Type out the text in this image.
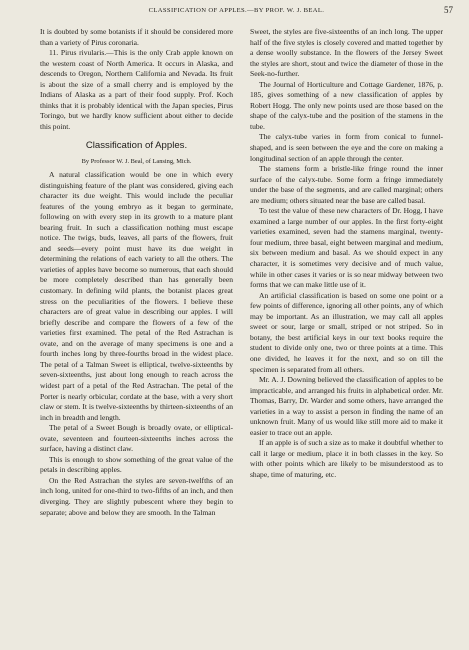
CLASSIFICATION OF APPLES.—BY PROF. W. J. BEAL.	57

It is doubted by some botanists if it should be considered more than a variety of Pirus coronaria.

11. Pirus rivularis.—This is the only Crab apple known on the western coast of North America. It occurs in Alaska, and descends to Oregon, Northern California and Nevada. Its fruit is about the size of a small cherry and is employed by the Indians of Alaska as a part of their food supply. Prof. Koch thinks that it is probably identical with the Japan species, Pirus Toringo, but we hardly know sufficient about either to decide this point.

Classification of Apples.

By Professor W. J. Beal, of Lansing, Mich.

A natural classification would be one in which every distinguishing feature of the plant was considered, giving each character its due weight. This would include the peculiar features of the young embryo as it began to germinate, following on with every step in its growth to a mature plant bearing fruit. In such a classification nothing must escape notice. The twigs, buds, leaves, all parts of the flowers, fruit and seeds—every point must have its due weight in determining the relations of each variety to all the others. The varieties of apples have become so numerous, that each should be more completely described than has generally been customary. In defining wild plants, the botanist places great stress on the peculiarities of the flowers. I believe these characters are of great value in describing our apples. I will briefly describe and compare the flowers of a few of the varieties first examined. The petal of the Red Astrachan is ovate, and on the average of many specimens is one and a fourth inches long by three-fourths broad in the widest place. The petal of a Talman Sweet is elliptical, twelve-sixteenths by seven-sixteenths, just about long enough to reach across the widest part of a petal of the Red Astrachan. The petal of the Porter is nearly orbicular, cordate at the base, with a very short claw or stem. It is twelve-sixteenths by thirteen-sixteenths of an inch in breadth and length.

The petal of a Sweet Bough is broadly ovate, or elliptical-ovate, seventeen and fourteen-sixteenths inches across the surface, having a distinct claw.

This is enough to show something of the great value of the petals in describing apples.

On the Red Astrachan the styles are seven-twelfths of an inch long, united for one-third to two-fifths of an inch, and then diverging. They are slightly pubescent where they begin to separate; above and below they are smooth. In the Talman

Sweet, the styles are five-sixteenths of an inch long. The upper half of the five styles is closely covered and matted together by a dense woolly substance. In the flowers of the Jersey Sweet the styles are short, stout and twice the diameter of those in the Seek-no-further.

The Journal of Horticulture and Cottage Gardener, 1876, p. 185, gives something of a new classification of apples by Robert Hogg. The only new points used are those based on the shape of the calyx-tube and the position of the stamens in the tube.

The calyx-tube varies in form from conical to funnel-shaped, and is seen between the eye and the core on making a longitudinal section of an apple through the center.

The stamens form a bristle-like fringe round the inner surface of the calyx-tube. Some form a fringe immediately under the base of the segments, and are called marginal; others are medium; others situated near the base are called basal.

To test the value of these new characters of Dr. Hogg, I have examined a large number of our apples. In the first forty-eight varieties examined, seven had the stamens marginal, twenty-four medium, three basal, eight between marginal and medium, six between medium and basal. As we should expect in any character, it is sometimes very decisive and of much value, while in other cases it varies or is so near midway between two forms that we can make little use of it.

An artificial classification is based on some one point or a few points of difference, ignoring all other points, any of which may be important. As an illustration, we may call all apples sweet or sour, large or small, striped or not striped. So in botany, the best artificial keys in our text books require the student to divide only one, two or three points at a time. This one divided, he leaves it for the next, and so on till the specimen is separated from all others.

Mr. A. J. Downing believed the classification of apples to be impracticable, and arranged his fruits in alphabetical order. Mr. Thomas, Barry, Dr. Warder and some others, have arranged the varieties in a way to assist a person in finding the name of an unknown fruit. Many of us would like still more aid to make it easier to trace out an apple.

If an apple is of such a size as to make it doubtful whether to call it large or medium, place it in both classes in the key. So with other points which are likely to be misunderstood as to shape, time of maturing, etc.
